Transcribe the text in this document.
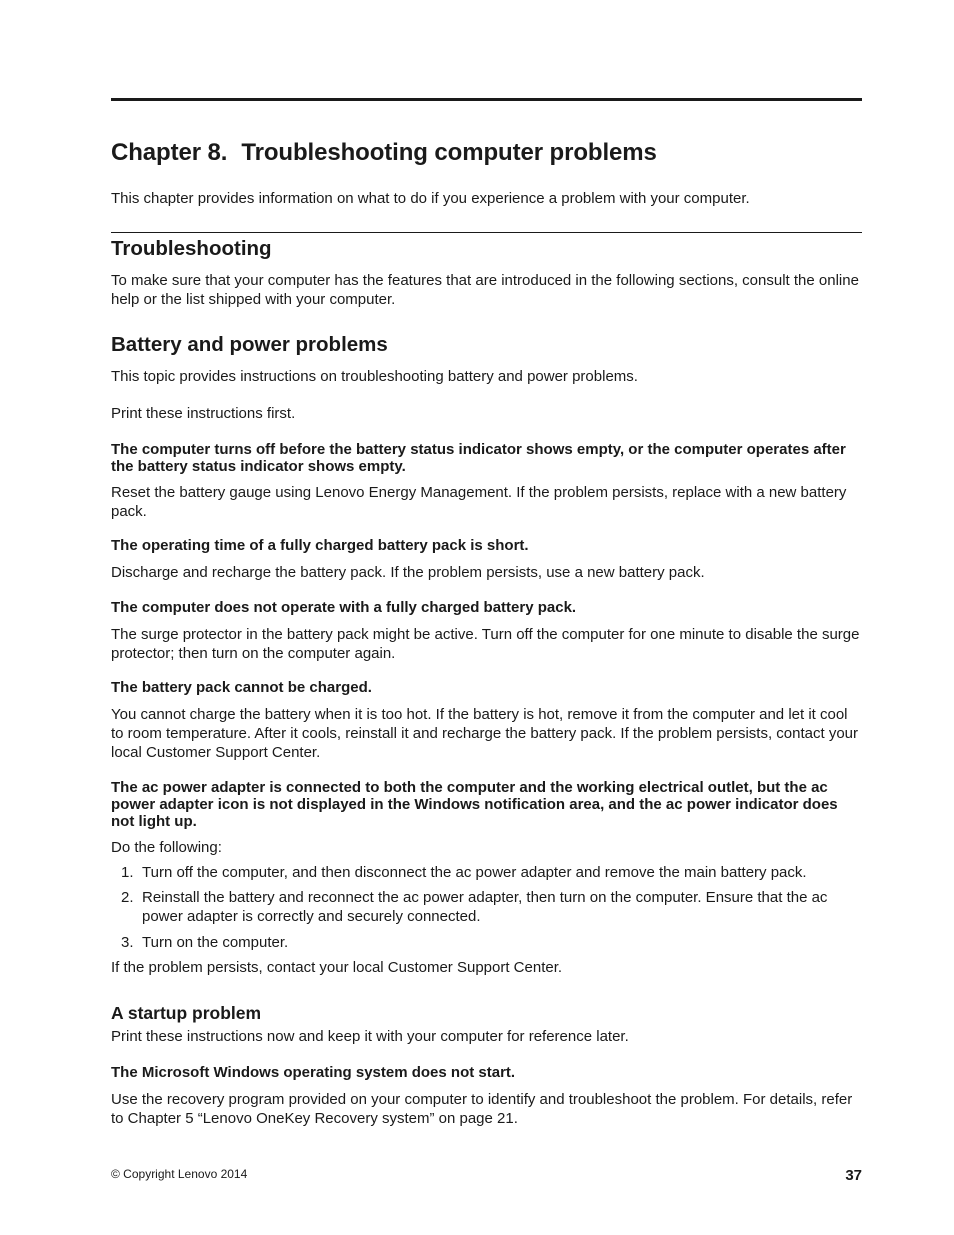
Chapter 8. Troubleshooting computer problems

This chapter provides information on what to do if you experience a problem with your computer.

Troubleshooting

To make sure that your computer has the features that are introduced in the following sections, consult the online help or the list shipped with your computer.

Battery and power problems

This topic provides instructions on troubleshooting battery and power problems.

Print these instructions first.

The computer turns off before the battery status indicator shows empty, or the computer operates after the battery status indicator shows empty.

Reset the battery gauge using Lenovo Energy Management. If the problem persists, replace with a new battery pack.

The operating time of a fully charged battery pack is short.

Discharge and recharge the battery pack. If the problem persists, use a new battery pack.

The computer does not operate with a fully charged battery pack.

The surge protector in the battery pack might be active. Turn off the computer for one minute to disable the surge protector; then turn on the computer again.

The battery pack cannot be charged.

You cannot charge the battery when it is too hot. If the battery is hot, remove it from the computer and let it cool to room temperature. After it cools, reinstall it and recharge the battery pack. If the problem persists, contact your local Customer Support Center.

The ac power adapter is connected to both the computer and the working electrical outlet, but the ac power adapter icon is not displayed in the Windows notification area, and the ac power indicator does not light up.

Do the following:

1. Turn off the computer, and then disconnect the ac power adapter and remove the main battery pack.
2. Reinstall the battery and reconnect the ac power adapter, then turn on the computer. Ensure that the ac power adapter is correctly and securely connected.
3. Turn on the computer.

If the problem persists, contact your local Customer Support Center.

A startup problem

Print these instructions now and keep it with your computer for reference later.

The Microsoft Windows operating system does not start.

Use the recovery program provided on your computer to identify and troubleshoot the problem. For details, refer to Chapter 5 “Lenovo OneKey Recovery system” on page 21.

© Copyright Lenovo 2014	37
